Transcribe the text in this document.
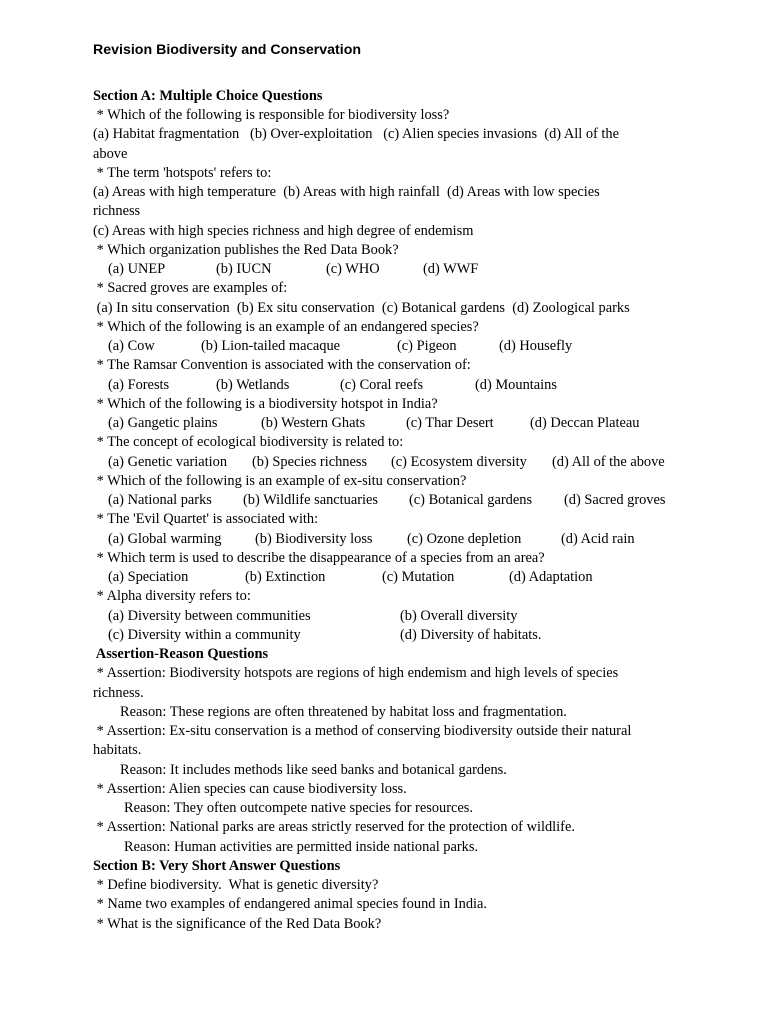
Revision Biodiversity and Conservation
Section A: Multiple Choice Questions
* Which of the following is responsible for biodiversity loss?
(a) Habitat fragmentation   (b) Over-exploitation   (c) Alien species invasions  (d) All of the
above
* The term 'hotspots' refers to:
(a) Areas with high temperature  (b) Areas with high rainfall  (d) Areas with low species
richness
(c) Areas with high species richness and high degree of endemism
* Which organization publishes the Red Data Book?
(a) UNEP	(b) IUCN	(c) WHO	(d) WWF
* Sacred groves are examples of:
(a) In situ conservation  (b) Ex situ conservation  (c) Botanical gardens  (d) Zoological parks
* Which of the following is an example of an endangered species?
(a) Cow	(b) Lion-tailed macaque	(c) Pigeon	(d) Housefly
* The Ramsar Convention is associated with the conservation of:
(a) Forests	(b) Wetlands	(c) Coral reefs	(d) Mountains
* Which of the following is a biodiversity hotspot in India?
(a) Gangetic plains	(b) Western Ghats	(c) Thar Desert	(d) Deccan Plateau
* The concept of ecological biodiversity is related to:
(a) Genetic variation (b) Species richness (c) Ecosystem diversity (d) All of the above
* Which of the following is an example of ex-situ conservation?
(a) National parks (b) Wildlife sanctuaries (c) Botanical gardens (d) Sacred groves
* The 'Evil Quartet' is associated with:
(a) Global warming (b) Biodiversity loss (c) Ozone depletion	(d) Acid rain
* Which term is used to describe the disappearance of a species from an area?
(a) Speciation	(b) Extinction	(c) Mutation	(d) Adaptation
* Alpha diversity refers to:
(a) Diversity between communities	(b) Overall diversity
(c) Diversity within a community	(d) Diversity of habitats.
Assertion-Reason Questions
* Assertion: Biodiversity hotspots are regions of high endemism and high levels of species
richness.
Reason: These regions are often threatened by habitat loss and fragmentation.
* Assertion: Ex-situ conservation is a method of conserving biodiversity outside their natural
habitats.
Reason: It includes methods like seed banks and botanical gardens.
* Assertion: Alien species can cause biodiversity loss.
Reason: They often outcompete native species for resources.
* Assertion: National parks are areas strictly reserved for the protection of wildlife.
Reason: Human activities are permitted inside national parks.
Section B: Very Short Answer Questions
* Define biodiversity.  What is genetic diversity?
* Name two examples of endangered animal species found in India.
* What is the significance of the Red Data Book?
